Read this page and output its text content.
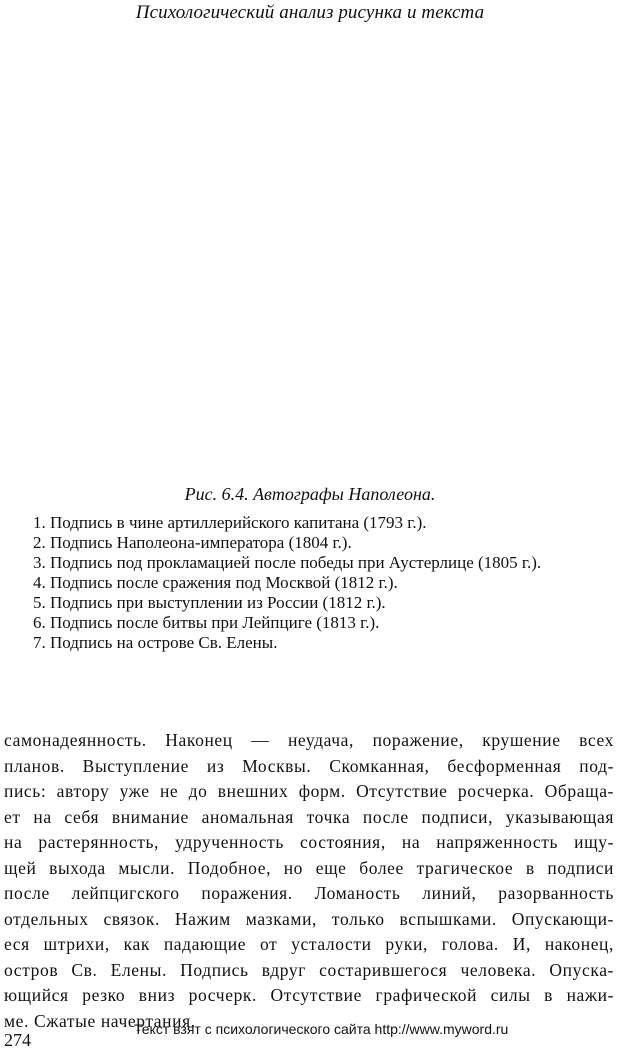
Психологический анализ рисунка и текста
Рис. 6.4. Автографы Наполеона.
1. Подпись в чине артиллерийского капитана (1793 г.).
2. Подпись Наполеона-императора (1804 г.).
3. Подпись под прокламацией после победы при Аустерлице (1805 г.).
4. Подпись после сражения под Москвой (1812 г.).
5. Подпись при выступлении из России (1812 г.).
6. Подпись после битвы при Лейпциге (1813 г.).
7. Подпись на острове Св. Елены.
самонадеянность. Наконец — неудача, поражение, крушение всех
планов. Выступление из Москвы. Скомканная, бесформенная под-
пись: автору уже не до внешних форм. Отсутствие росчерка. Обраща-
ет на себя внимание аномальная точка после подписи, указывающая
на растерянность, удрученность состояния, на напряженность ищу-
щей выхода мысли. Подобное, но еще более трагическое в подписи
после лейпцигского поражения. Ломаность линий, разорванность
отдельных связок. Нажим мазками, только вспышками. Опускающи-
еся штрихи, как падающие от усталости руки, голова. И, наконец,
остров Св. Елены. Подпись вдруг состарившегося человека. Опуска-
ющийся резко вниз росчерк. Отсутствие графической силы в нажи-
ме. Сжатые начертания.
274
Текст взят с психологического сайта http://www.myword.ru
